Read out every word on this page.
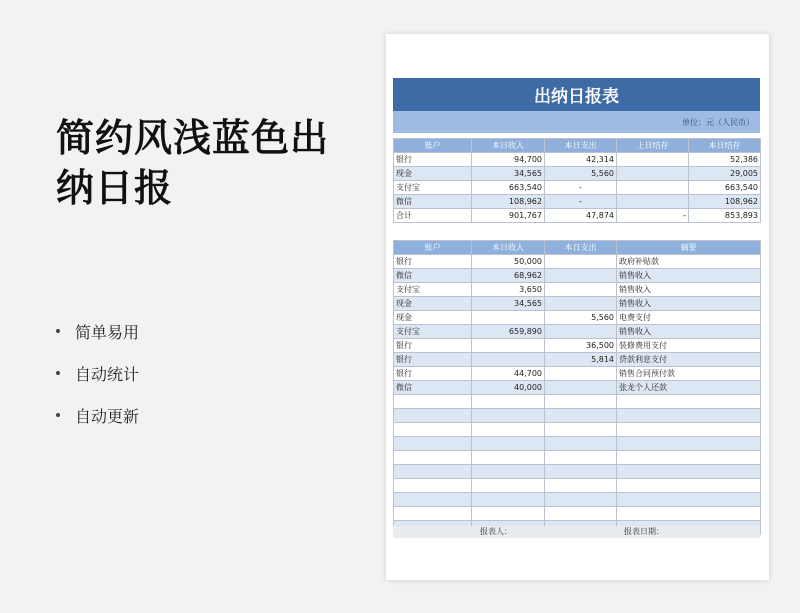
简约风浅蓝色出纳日报
简单易用
自动统计
自动更新
出纳日报表
单位：元（人民币）
账户	本日收入	本日支出	上日结存	本日结存
银行	94,700	42,314		52,386
现金	34,565	5,560		29,005
支付宝	663,540	-		663,540
微信	108,962	-		108,962
合计	901,767	47,874	-	853,893
账户	本日收入	本日支出	摘要
银行	50,000		政府补贴款
微信	68,962		销售收入
支付宝	3,650		销售收入
现金	34,565		销售收入
现金		5,560	电费支付
支付宝	659,890		销售收入
银行		36,500	装修费用支付
银行		5,814	贷款利息支付
银行	44,700		销售合同预付款
微信	40,000		张龙个人还款

报表人：	报表日期：
